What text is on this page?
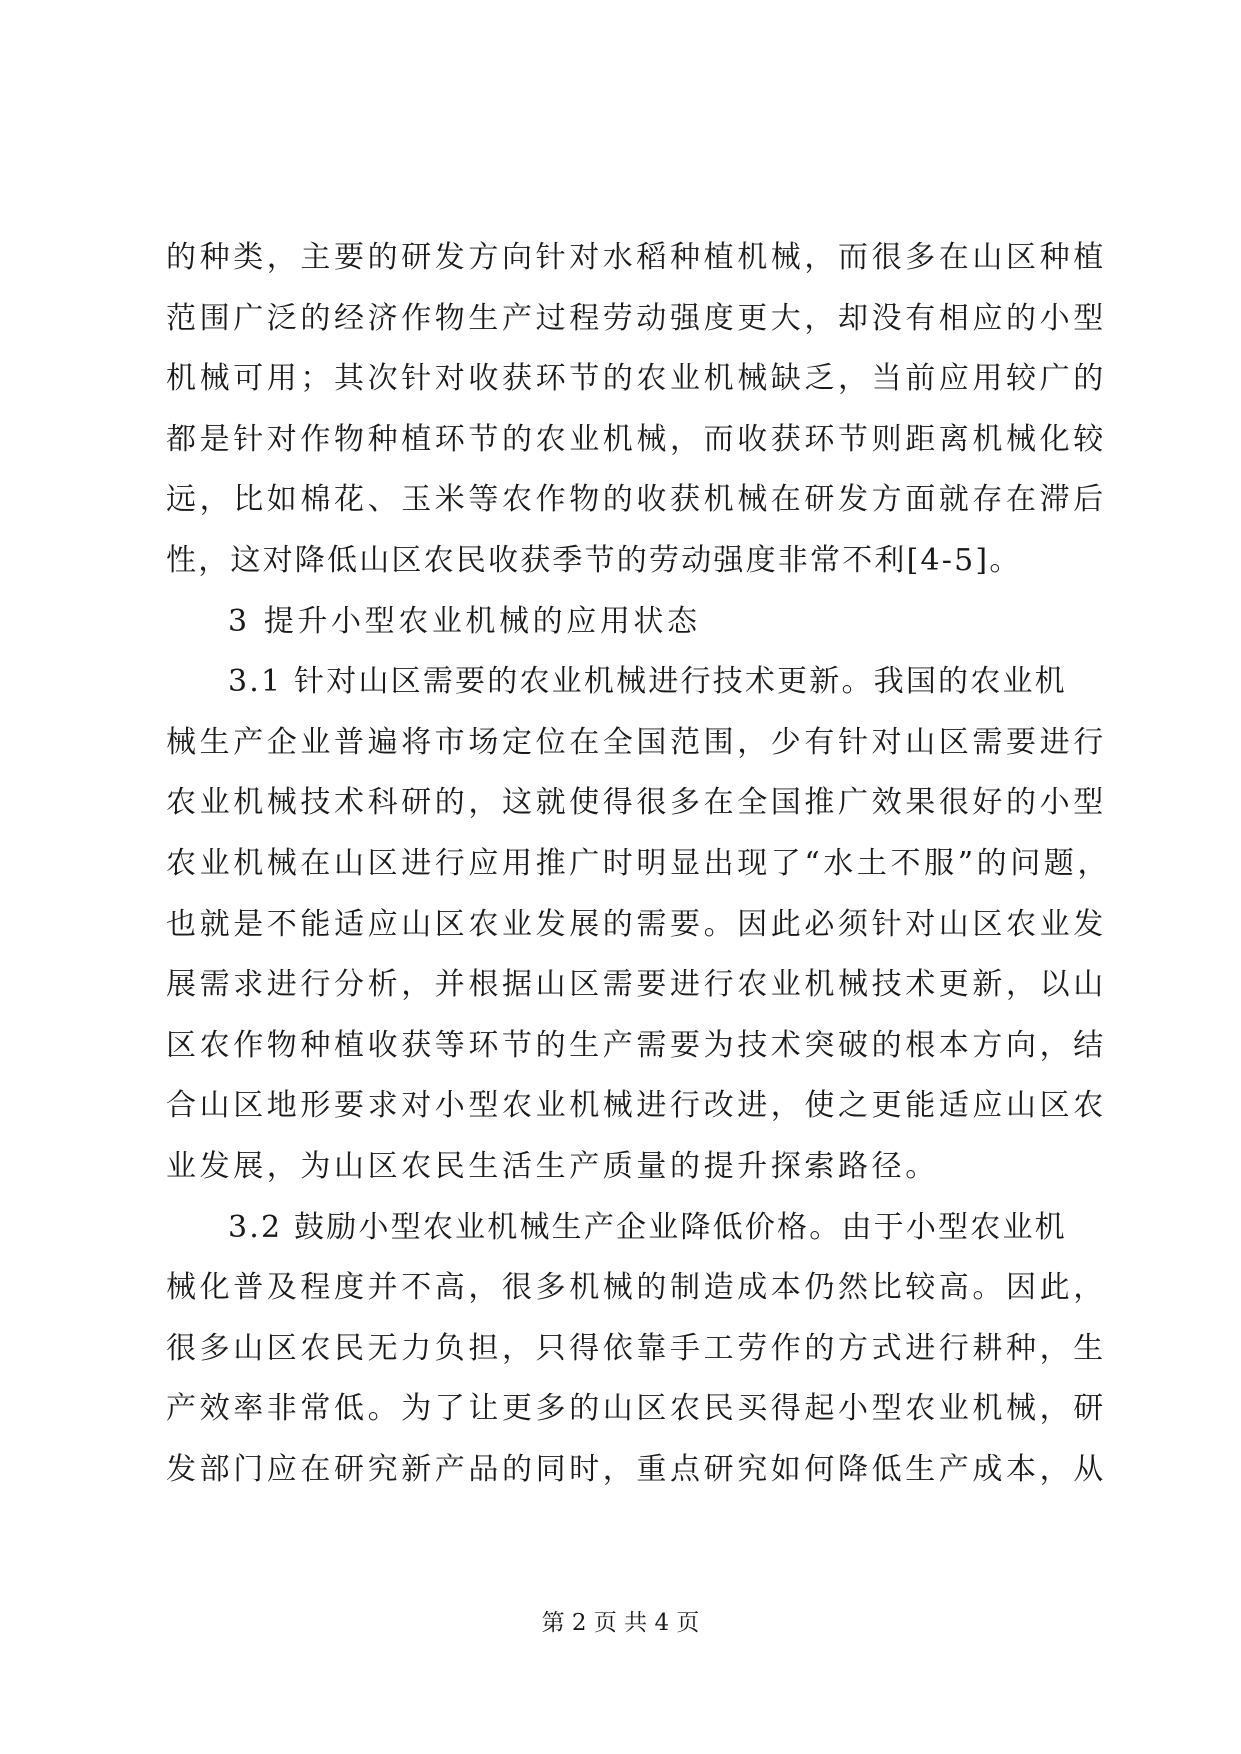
的种类，主要的研发方向针对水稻种植机械，而很多在山区种植
范围广泛的经济作物生产过程劳动强度更大，却没有相应的小型
机械可用；其次针对收获环节的农业机械缺乏，当前应用较广的
都是针对作物种植环节的农业机械，而收获环节则距离机械化较
远，比如棉花、玉米等农作物的收获机械在研发方面就存在滞后
性，这对降低山区农民收获季节的劳动强度非常不利[4-5]。
3 提升小型农业机械的应用状态
3.1 针对山区需要的农业机械进行技术更新。我国的农业机
械生产企业普遍将市场定位在全国范围，少有针对山区需要进行
农业机械技术科研的，这就使得很多在全国推广效果很好的小型
农业机械在山区进行应用推广时明显出现了“水土不服”的问题，
也就是不能适应山区农业发展的需要。因此必须针对山区农业发
展需求进行分析，并根据山区需要进行农业机械技术更新，以山
区农作物种植收获等环节的生产需要为技术突破的根本方向，结
合山区地形要求对小型农业机械进行改进，使之更能适应山区农
业发展，为山区农民生活生产质量的提升探索路径。
3.2 鼓励小型农业机械生产企业降低价格。由于小型农业机
械化普及程度并不高，很多机械的制造成本仍然比较高。因此，
很多山区农民无力负担，只得依靠手工劳作的方式进行耕种，生
产效率非常低。为了让更多的山区农民买得起小型农业机械，研
发部门应在研究新产品的同时，重点研究如何降低生产成本，从
第 2 页 共 4 页
